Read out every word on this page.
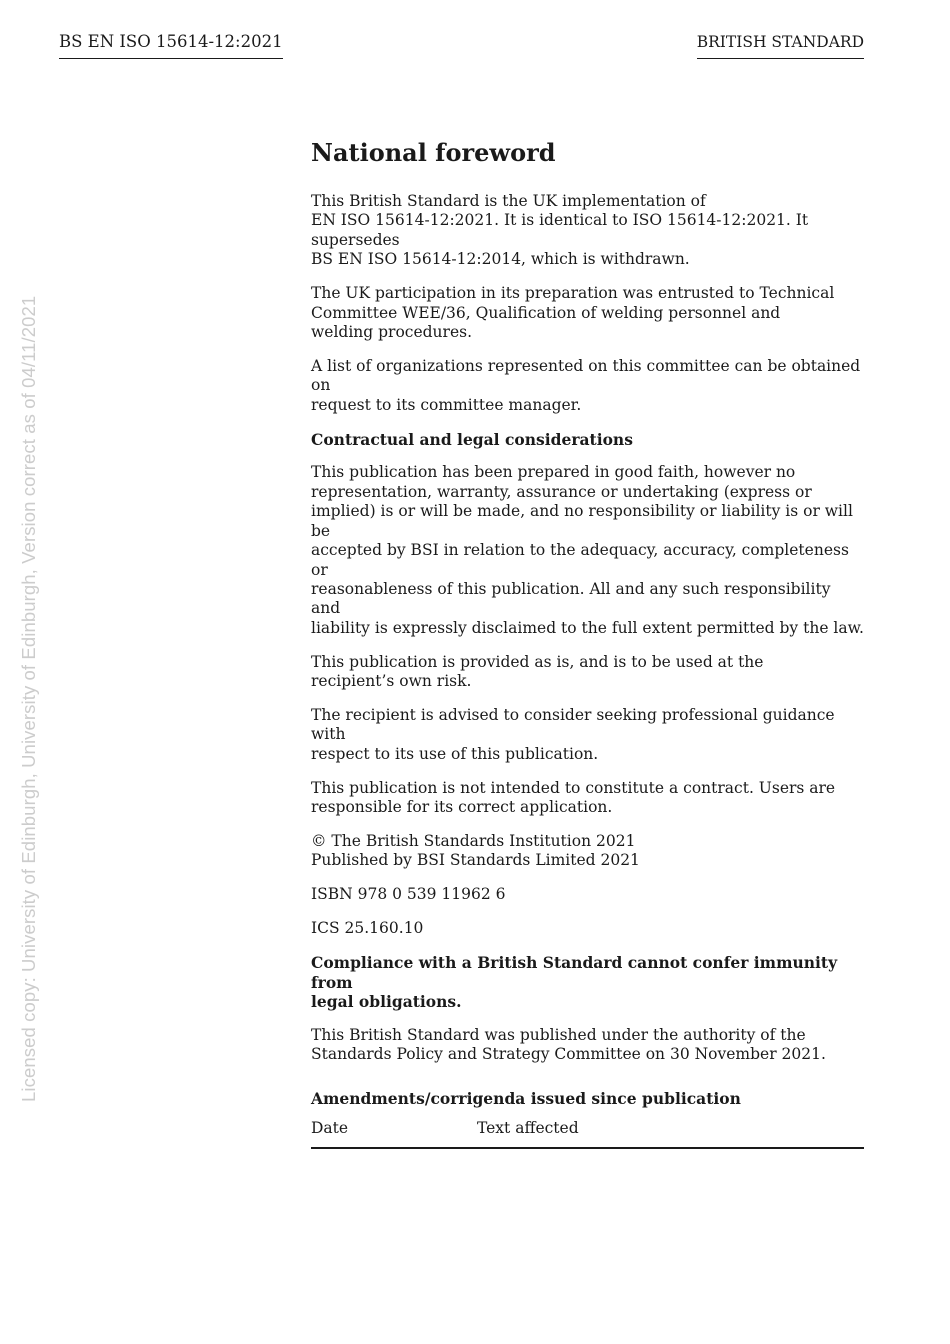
BS EN ISO 15614-12:2021	BRITISH STANDARD
Licensed copy: University of Edinburgh, University of Edinburgh, Version correct as of 04/11/2021
National foreword

This British Standard is the UK implementation of
EN ISO 15614-12:2021. It is identical to ISO 15614-12:2021. It supersedes
BS EN ISO 15614-12:2014, which is withdrawn.

The UK participation in its preparation was entrusted to Technical
Committee WEE/36, Qualification of welding personnel and
welding procedures.

A list of organizations represented on this committee can be obtained on
request to its committee manager.

Contractual and legal considerations

This publication has been prepared in good faith, however no
representation, warranty, assurance or undertaking (express or
implied) is or will be made, and no responsibility or liability is or will be
accepted by BSI in relation to the adequacy, accuracy, completeness or
reasonableness of this publication. All and any such responsibility and
liability is expressly disclaimed to the full extent permitted by the law.

This publication is provided as is, and is to be used at the
recipient’s own risk.

The recipient is advised to consider seeking professional guidance with
respect to its use of this publication.

This publication is not intended to constitute a contract. Users are
responsible for its correct application.

© The British Standards Institution 2021
Published by BSI Standards Limited 2021

ISBN 978 0 539 11962 6

ICS 25.160.10

Compliance with a British Standard cannot confer immunity from
legal obligations.

This British Standard was published under the authority of the
Standards Policy and Strategy Committee on 30 November 2021.

Amendments/corrigenda issued since publication
Date	Text affected
